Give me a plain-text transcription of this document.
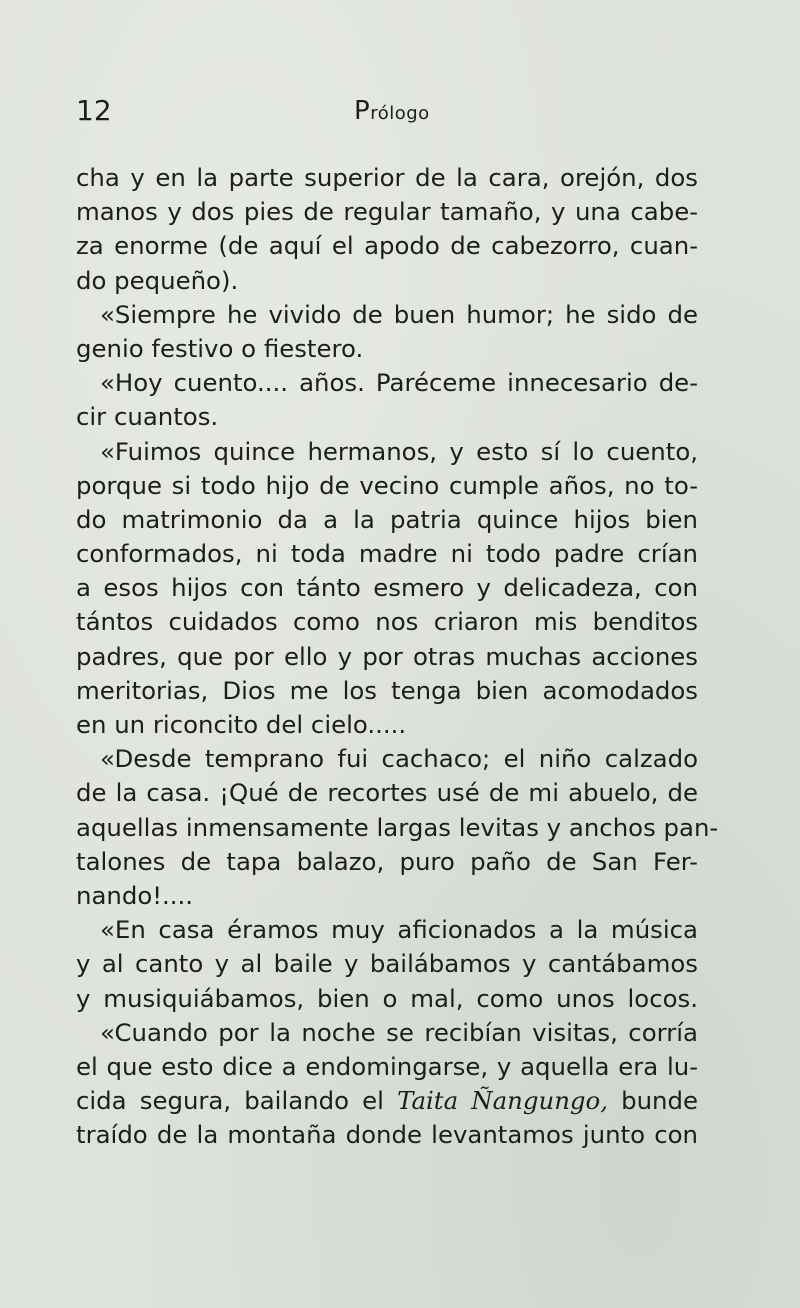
12	Prólogo
cha y en la parte superior de la cara, orejón, dos
manos y dos pies de regular tamaño, y una cabe-
za enorme (de aquí el apodo de cabezorro, cuan-
do pequeño).
«Siempre he vivido de buen humor; he sido de
genio festivo o fiestero.
«Hoy cuento.... años. Paréceme innecesario de-
cir cuantos.
«Fuimos quince hermanos, y esto sí lo cuento,
porque si todo hijo de vecino cumple años, no to-
do matrimonio da a la patria quince hijos bien
conformados, ni toda madre ni todo padre crían
a esos hijos con tánto esmero y delicadeza, con
tántos cuidados como nos criaron mis benditos
padres, que por ello y por otras muchas acciones
meritorias, Dios me los tenga bien acomodados
en un riconcito del cielo.....
«Desde temprano fui cachaco; el niño calzado
de la casa. ¡Qué de recortes usé de mi abuelo, de
aquellas inmensamente largas levitas y anchos pan-
talones de tapa balazo, puro paño de San Fer-
nando!....
«En casa éramos muy aficionados a la música
y al canto y al baile y bailábamos y cantábamos
y musiquiábamos, bien o mal, como unos locos.
«Cuando por la noche se recibían visitas, corría
el que esto dice a endomingarse, y aquella era lu-
cida segura, bailando el Taita Ñangungo, bunde
traído de la montaña donde levantamos junto con
